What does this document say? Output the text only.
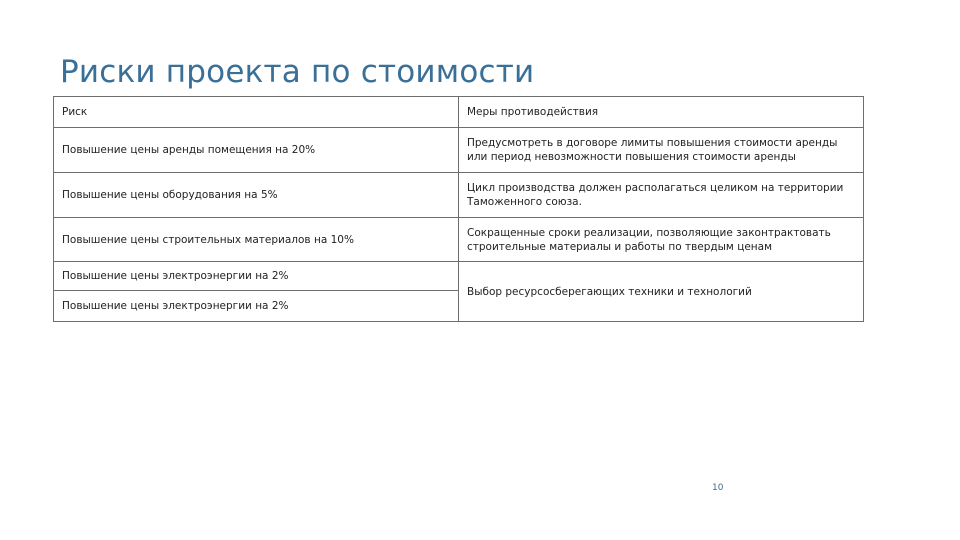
Риски проекта по стоимости
Риск	Меры противодействия
Повышение цены аренды помещения на 20%	Предусмотреть в договоре лимиты повышения стоимости аренды
или период невозможности повышения стоимости аренды
Повышение цены оборудования на 5%	Цикл производства должен располагаться целиком на территории
Таможенного союза.
Повышение цены строительных материалов на 10%	Сокращенные сроки реализации, позволяющие законтрактовать
строительные материалы и работы по твердым ценам
Повышение цены электроэнергии на 2%	Выбор ресурсосберегающих техники и технологий
Повышение цены электроэнергии на 2%	
10
